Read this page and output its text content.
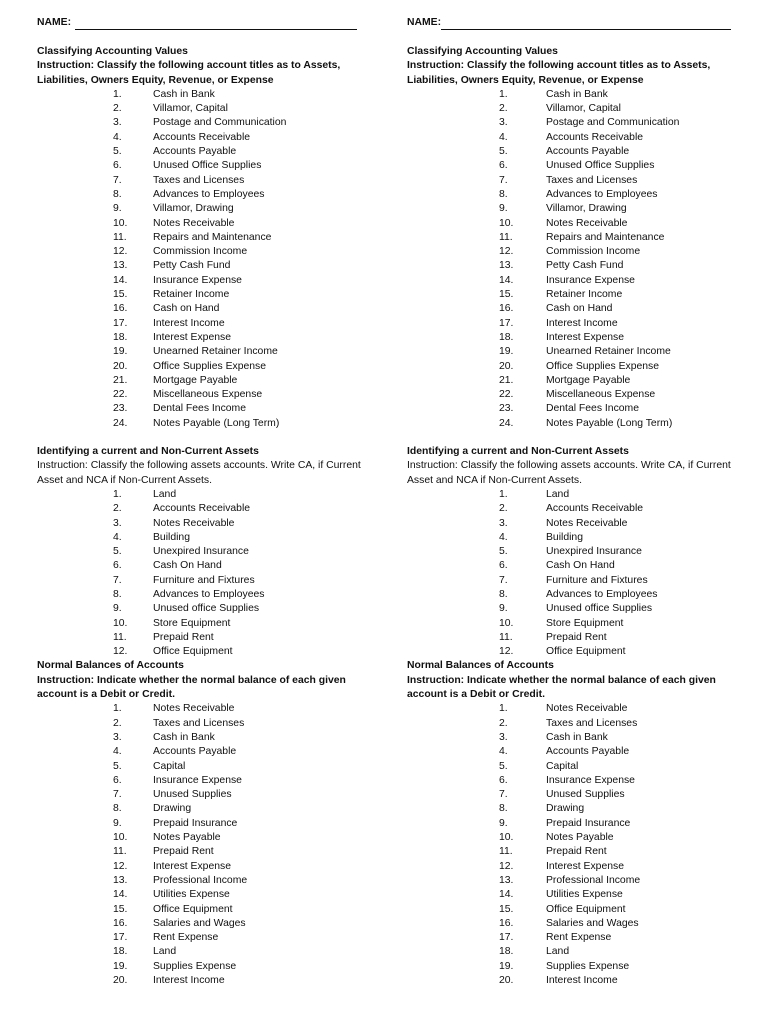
NAME:
Classifying Accounting Values
Instruction: Classify the following account titles as to Assets, Liabilities, Owners Equity, Revenue, or Expense
1.	Cash in Bank
2.	Villamor, Capital
3.	Postage and Communication
4.	Accounts Receivable
5.	Accounts Payable
6.	Unused Office Supplies
7.	Taxes and Licenses
8.	Advances to Employees
9.	Villamor, Drawing
10.	Notes Receivable
11.	Repairs and Maintenance
12.	Commission Income
13.	Petty Cash Fund
14.	Insurance Expense
15.	Retainer Income
16.	Cash on Hand
17.	Interest Income
18.	Interest Expense
19.	Unearned Retainer Income
20.	Office Supplies Expense
21.	Mortgage Payable
22.	Miscellaneous Expense
23.	Dental Fees Income
24.	Notes Payable (Long Term)
Identifying a current and Non-Current Assets
Instruction: Classify the following assets accounts. Write CA, if Current Asset and NCA if Non-Current Assets.
1.	Land
2.	Accounts Receivable
3.	Notes Receivable
4.	Building
5.	Unexpired Insurance
6.	Cash On Hand
7.	Furniture and Fixtures
8.	Advances to Employees
9.	Unused office Supplies
10.	Store Equipment
11.	Prepaid Rent
12.	Office Equipment
Normal Balances of Accounts
Instruction: Indicate whether the normal balance of each given account is a Debit or Credit.
1.	Notes Receivable
2.	Taxes and Licenses
3.	Cash in Bank
4.	Accounts Payable
5.	Capital
6.	Insurance Expense
7.	Unused Supplies
8.	Drawing
9.	Prepaid Insurance
10.	Notes Payable
11.	Prepaid Rent
12.	Interest Expense
13.	Professional Income
14.	Utilities Expense
15.	Office Equipment
16.	Salaries and Wages
17.	Rent Expense
18.	Land
19.	Supplies Expense
20.	Interest Income
NAME:
Classifying Accounting Values
Instruction: Classify the following account titles as to Assets, Liabilities, Owners Equity, Revenue, or Expense
1.	Cash in Bank
2.	Villamor, Capital
3.	Postage and Communication
4.	Accounts Receivable
5.	Accounts Payable
6.	Unused Office Supplies
7.	Taxes and Licenses
8.	Advances to Employees
9.	Villamor, Drawing
10.	Notes Receivable
11.	Repairs and Maintenance
12.	Commission Income
13.	Petty Cash Fund
14.	Insurance Expense
15.	Retainer Income
16.	Cash on Hand
17.	Interest Income
18.	Interest Expense
19.	Unearned Retainer Income
20.	Office Supplies Expense
21.	Mortgage Payable
22.	Miscellaneous Expense
23.	Dental Fees Income
24.	Notes Payable (Long Term)
Identifying a current and Non-Current Assets
Instruction: Classify the following assets accounts. Write CA, if Current Asset and NCA if Non-Current Assets.
1.	Land
2.	Accounts Receivable
3.	Notes Receivable
4.	Building
5.	Unexpired Insurance
6.	Cash On Hand
7.	Furniture and Fixtures
8.	Advances to Employees
9.	Unused office Supplies
10.	Store Equipment
11.	Prepaid Rent
12.	Office Equipment
Normal Balances of Accounts
Instruction: Indicate whether the normal balance of each given account is a Debit or Credit.
1.	Notes Receivable
2.	Taxes and Licenses
3.	Cash in Bank
4.	Accounts Payable
5.	Capital
6.	Insurance Expense
7.	Unused Supplies
8.	Drawing
9.	Prepaid Insurance
10.	Notes Payable
11.	Prepaid Rent
12.	Interest Expense
13.	Professional Income
14.	Utilities Expense
15.	Office Equipment
16.	Salaries and Wages
17.	Rent Expense
18.	Land
19.	Supplies Expense
20.	Interest Income
